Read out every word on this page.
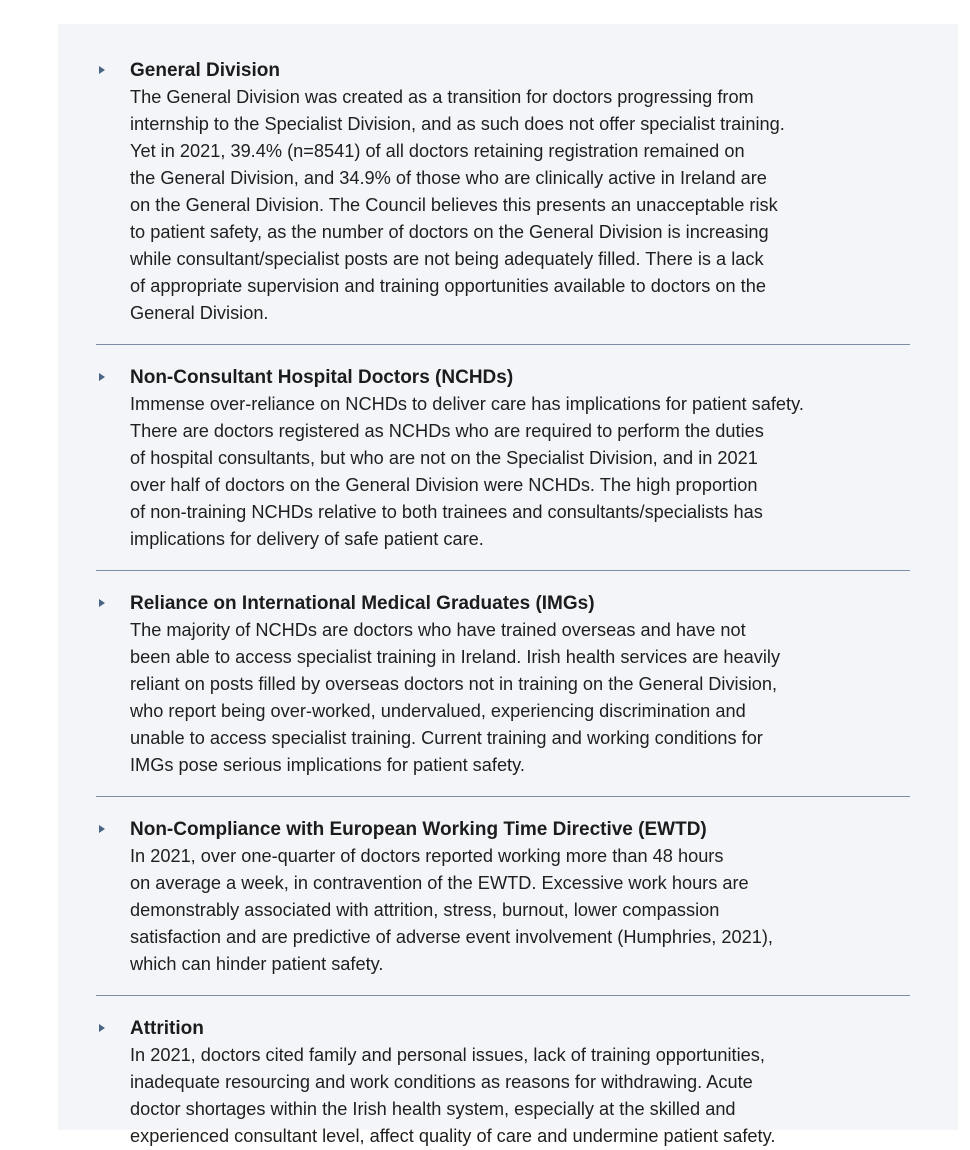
General Division
The General Division was created as a transition for doctors progressing from
internship to the Specialist Division, and as such does not offer specialist training.
Yet in 2021, 39.4% (n=8541) of all doctors retaining registration remained on
the General Division, and 34.9% of those who are clinically active in Ireland are
on the General Division. The Council believes this presents an unacceptable risk
to patient safety, as the number of doctors on the General Division is increasing
while consultant/specialist posts are not being adequately filled. There is a lack
of appropriate supervision and training opportunities available to doctors on the
General Division.
Non-Consultant Hospital Doctors (NCHDs)
Immense over-reliance on NCHDs to deliver care has implications for patient safety.
There are doctors registered as NCHDs who are required to perform the duties
of hospital consultants, but who are not on the Specialist Division, and in 2021
over half of doctors on the General Division were NCHDs. The high proportion
of non-training NCHDs relative to both trainees and consultants/specialists has
implications for delivery of safe patient care.
Reliance on International Medical Graduates (IMGs)
The majority of NCHDs are doctors who have trained overseas and have not
been able to access specialist training in Ireland. Irish health services are heavily
reliant on posts filled by overseas doctors not in training on the General Division,
who report being over-worked, undervalued, experiencing discrimination and
unable to access specialist training. Current training and working conditions for
IMGs pose serious implications for patient safety.
Non-Compliance with European Working Time Directive (EWTD)
In 2021, over one-quarter of doctors reported working more than 48 hours
on average a week, in contravention of the EWTD. Excessive work hours are
demonstrably associated with attrition, stress, burnout, lower compassion
satisfaction and are predictive of adverse event involvement (Humphries, 2021),
which can hinder patient safety.
Attrition
In 2021, doctors cited family and personal issues, lack of training opportunities,
inadequate resourcing and work conditions as reasons for withdrawing. Acute
doctor shortages within the Irish health system, especially at the skilled and
experienced consultant level, affect quality of care and undermine patient safety.
